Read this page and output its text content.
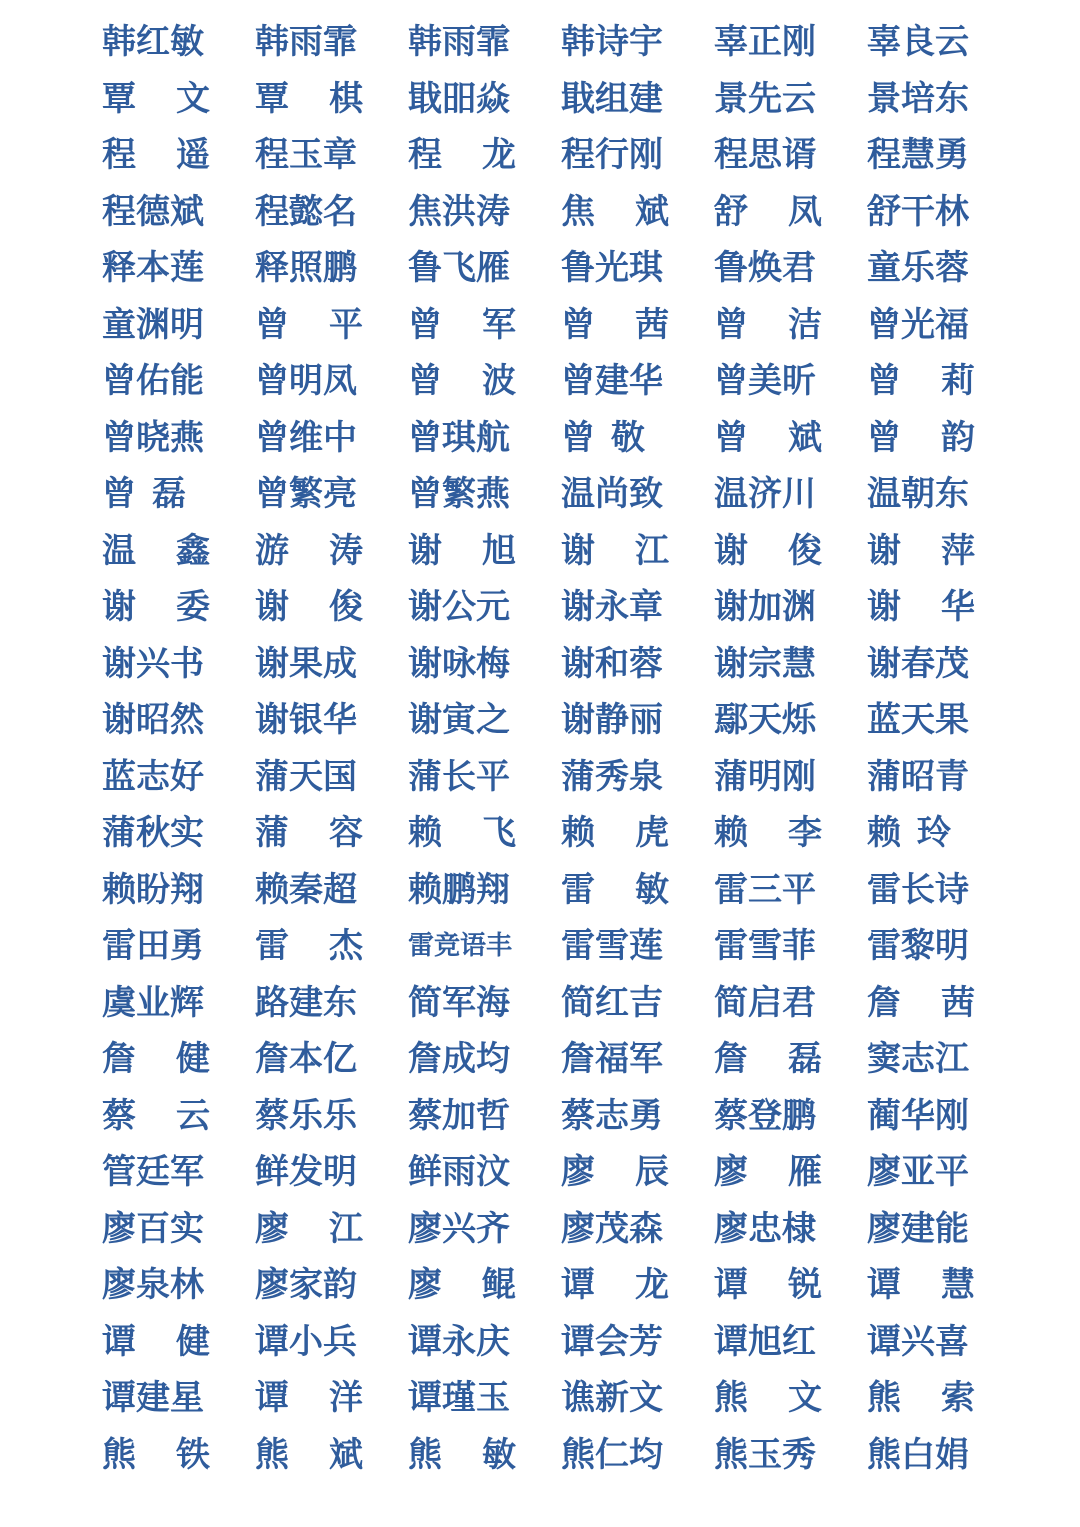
韩红敏 韩雨霏 韩雨霏 韩诗宇 辜正刚 辜良云
覃 文 覃 棋 戢昍焱 戢组建 景先云 景培东
程 遥 程玉章 程 龙 程行刚 程思谞 程慧勇
程德斌 程懿名 焦洪涛 焦 斌 舒 凤 舒干林
释本莲 释照鹏 鲁飞雁 鲁光琪 鲁焕君 童乐蓉
童渊明 曾 平 曾 军 曾 茜 曾 洁 曾光福
曾佑能 曾明凤 曾 波 曾建华 曾美昕 曾 莉
曾晓燕 曾维中 曾琪航 曾 敬 曾 斌 曾 韵
曾 磊 曾繁亮 曾繁燕 温尚致 温济川 温朝东
温 鑫 游 涛 谢 旭 谢 江 谢 俊 谢 萍
谢 委 谢 俊 谢公元 谢永章 谢加渊 谢 华
谢兴书 谢果成 谢咏梅 谢和蓉 谢宗慧 谢春茂
谢昭然 谢银华 谢寅之 谢静丽 鄢天烁 蓝天果
蓝志好 蒲天国 蒲长平 蒲秀泉 蒲明刚 蒲昭青
蒲秋实 蒲 容 赖 飞 赖 虎 赖 李 赖 玲
赖盼翔 赖秦超 赖鹏翔 雷 敏 雷三平 雷长诗
雷田勇 雷 杰 雷竞语丰 雷雪莲 雷雪菲 雷黎明
虞业辉 路建东 简军海 简红吉 简启君 詹 茜
詹 健 詹本亿 詹成均 詹福军 詹 磊 窦志江
蔡 云 蔡乐乐 蔡加哲 蔡志勇 蔡登鹏 蔺华刚
管廷军 鲜发明 鲜雨汶 廖 辰 廖 雁 廖亚平
廖百实 廖 江 廖兴齐 廖茂森 廖忠棣 廖建能
廖泉林 廖家韵 廖 鲲 谭 龙 谭 锐 谭 慧
谭 健 谭小兵 谭永庆 谭会芳 谭旭红 谭兴喜
谭建星 谭 洋 谭瑾玉 谯新文 熊 文 熊 索
熊 铁 熊 斌 熊 敏 熊仁均 熊玉秀 熊白娟
